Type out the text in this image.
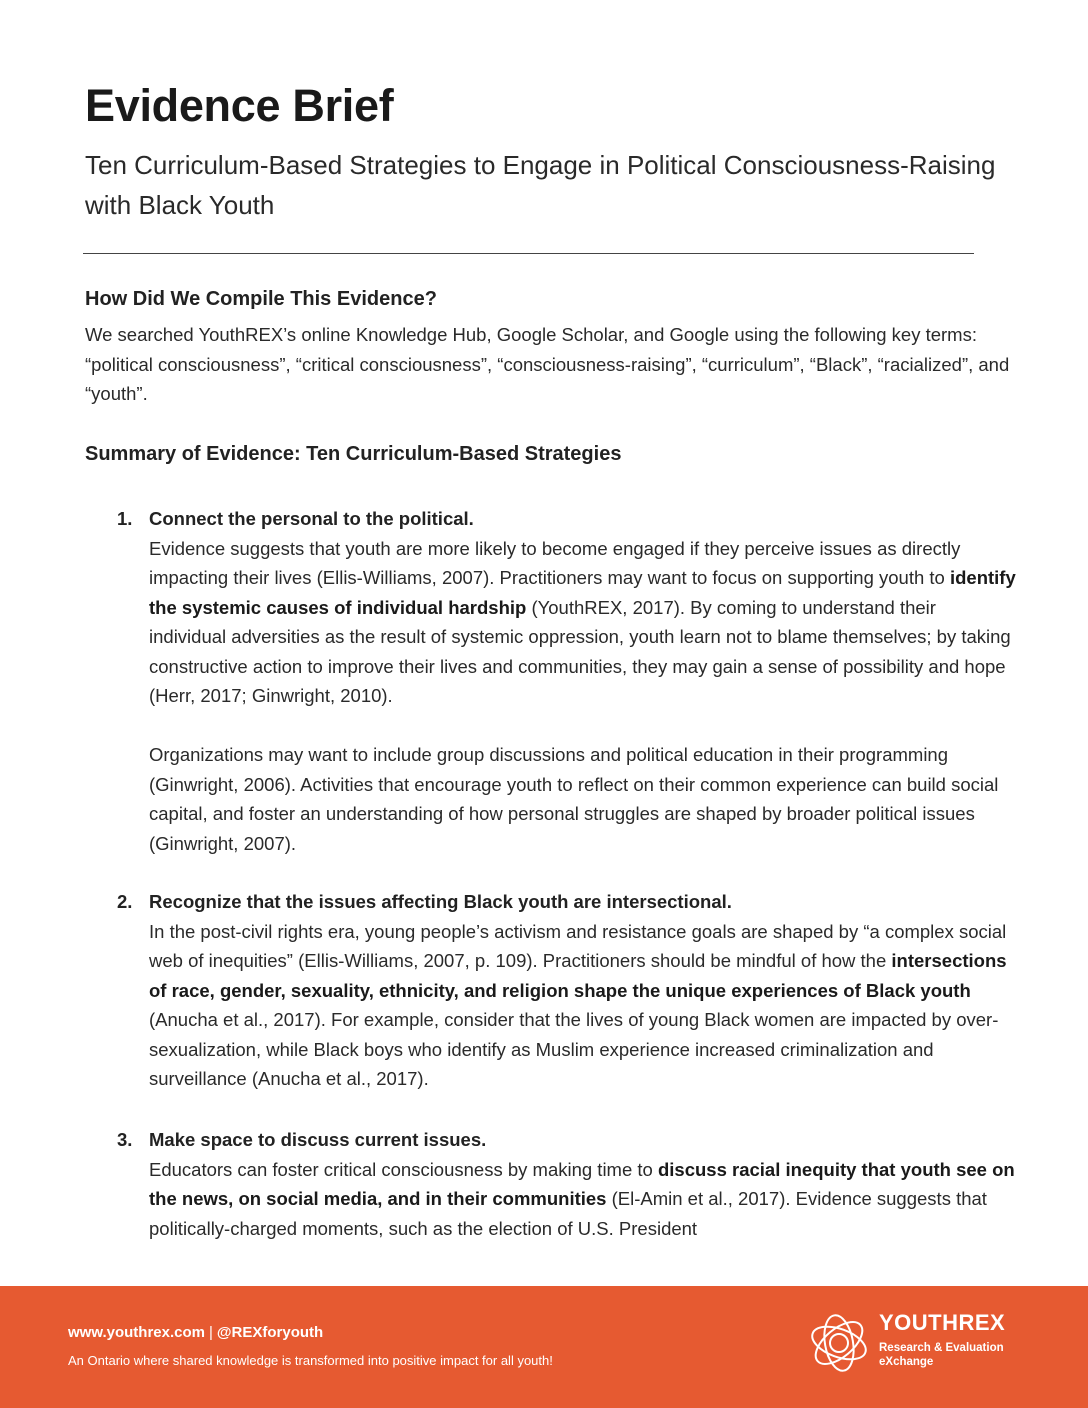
Evidence Brief
Ten Curriculum-Based Strategies to Engage in Political Consciousness-Raising with Black Youth
How Did We Compile This Evidence?

We searched YouthREX’s online Knowledge Hub, Google Scholar, and Google using the following key terms: “political consciousness”, “critical consciousness”, “consciousness-raising”, “curriculum”, “Black”, “racialized”, and “youth”.

Summary of Evidence: Ten Curriculum-Based Strategies
1. Connect the personal to the political.

Evidence suggests that youth are more likely to become engaged if they perceive issues as directly impacting their lives (Ellis-Williams, 2007). Practitioners may want to focus on supporting youth to identify the systemic causes of individual hardship (YouthREX, 2017). By coming to understand their individual adversities as the result of systemic oppression, youth learn not to blame themselves; by taking constructive action to improve their lives and communities, they may gain a sense of possibility and hope (Herr, 2017; Ginwright, 2010).

Organizations may want to include group discussions and political education in their programming (Ginwright, 2006). Activities that encourage youth to reflect on their common experience can build social capital, and foster an understanding of how personal struggles are shaped by broader political issues (Ginwright, 2007).

2. Recognize that the issues affecting Black youth are intersectional.

In the post-civil rights era, young people’s activism and resistance goals are shaped by “a complex social web of inequities” (Ellis-Williams, 2007, p. 109). Practitioners should be mindful of how the intersections of race, gender, sexuality, ethnicity, and religion shape the unique experiences of Black youth (Anucha et al., 2017). For example, consider that the lives of young Black women are impacted by over-sexualization, while Black boys who identify as Muslim experience increased criminalization and surveillance (Anucha et al., 2017).

3. Make space to discuss current issues.

Educators can foster critical consciousness by making time to discuss racial inequity that youth see on the news, on social media, and in their communities (El-Amin et al., 2017). Evidence suggests that politically-charged moments, such as the election of U.S. President

www.youthrex.com | @REXforyouth

An Ontario where shared knowledge is transformed into positive impact for all youth!

YOUTHREX

Research & Evaluation eXchange
